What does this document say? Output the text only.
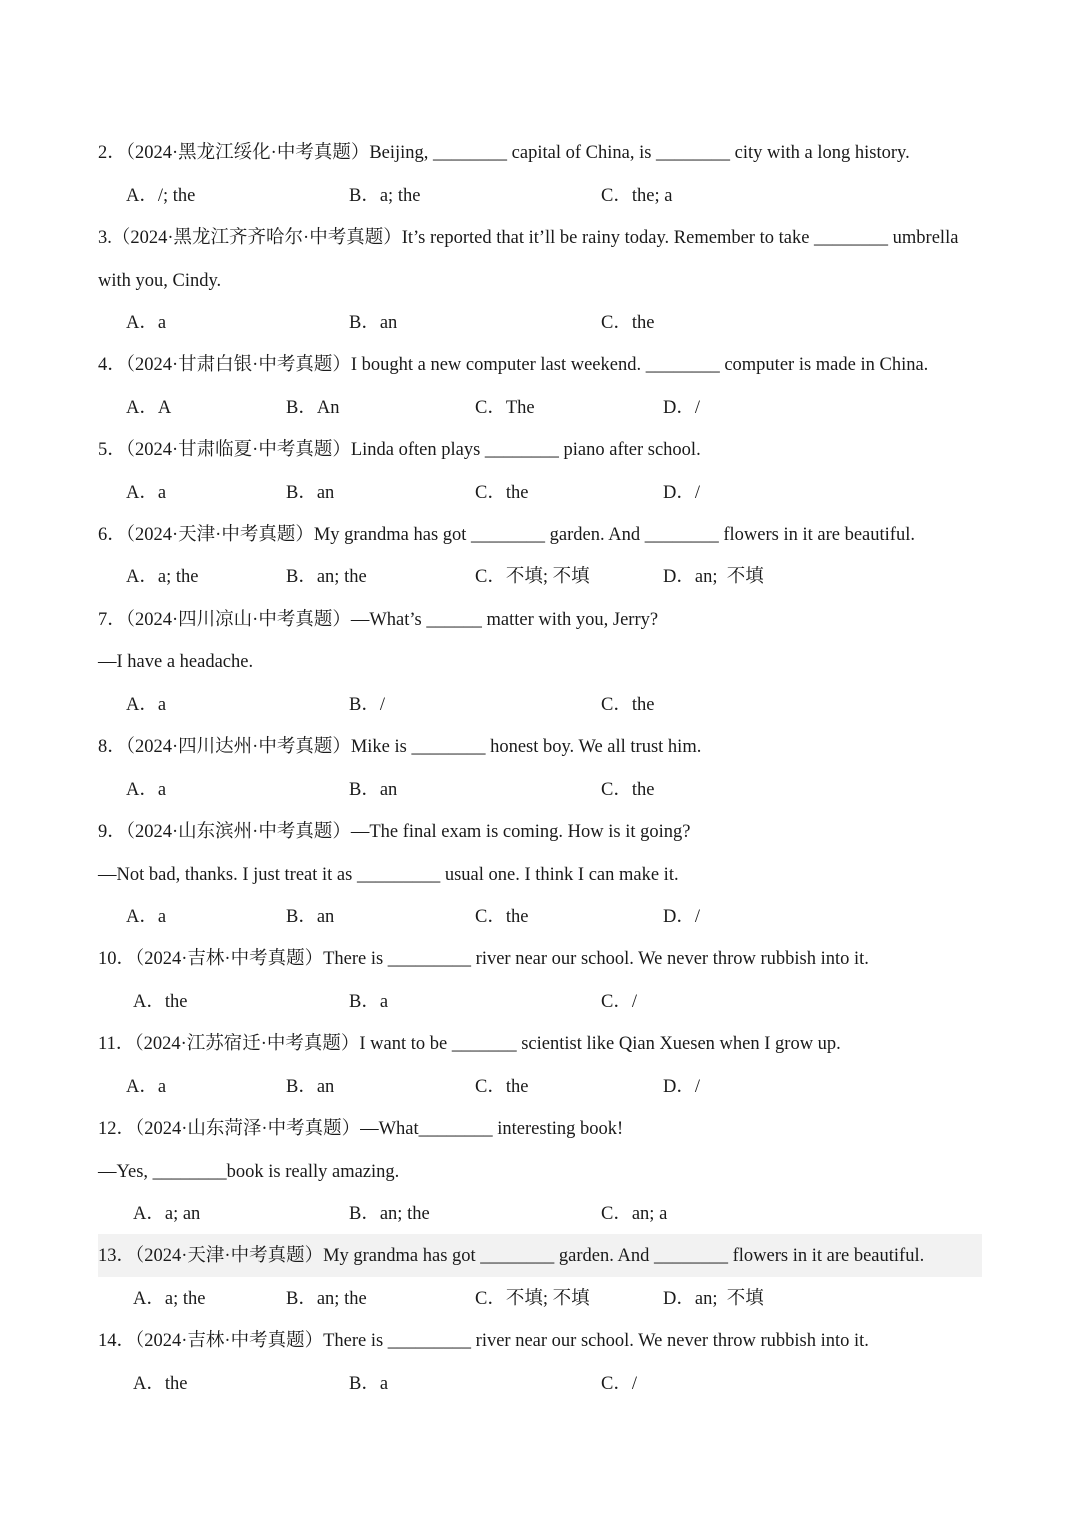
2．（2024·黑龙江绥化·中考真题）Beijing, ________ capital of China, is ________ city with a long history.
A．/; the	B．a; the	C．the; a
3.（2024·黑龙江齐齐哈尔·中考真题）It’s reported that it’ll be rainy today. Remember to take ________ umbrella
with you, Cindy.
A．a	B．an	C．the
4．（2024·甘肃白银·中考真题）I bought a new computer last weekend. ________ computer is made in China.
A．A	B．An	C．The	D．/
5．（2024·甘肃临夏·中考真题）Linda often plays ________ piano after school.
A．a	B．an	C．the	D．/
6．（2024·天津·中考真题）My grandma has got ________ garden. And ________ flowers in it are beautiful.
A．a; the	B．an; the	C．不填; 不填	D．an;  不填
7．（2024·四川凉山·中考真题）—What’s ______ matter with you, Jerry?
—I have a headache.
A．a	B．/	C．the
8．（2024·四川达州·中考真题）Mike is ________ honest boy. We all trust him.
A．a	B．an	C．the
9．（2024·山东滨州·中考真题）—The final exam is coming. How is it going?
—Not bad, thanks. I just treat it as _________ usual one. I think I can make it.
A．a	B．an	C．the	D．/
10．（2024·吉林·中考真题）There is _________ river near our school. We never throw rubbish into it.
A．the	B．a	C．/
11．（2024·江苏宿迁·中考真题）I want to be _______ scientist like Qian Xuesen when I grow up.
A．a	B．an	C．the	D．/
12．（2024·山东菏泽·中考真题）—What________ interesting book!
—Yes, ________book is really amazing.
A．a; an	B．an; the	C．an; a
13．（2024·天津·中考真题）My grandma has got ________ garden. And ________ flowers in it are beautiful.
A．a; the	B．an; the	C．不填; 不填	D．an;  不填
14．（2024·吉林·中考真题）There is _________ river near our school. We never throw rubbish into it.
A．the	B．a	C．/
